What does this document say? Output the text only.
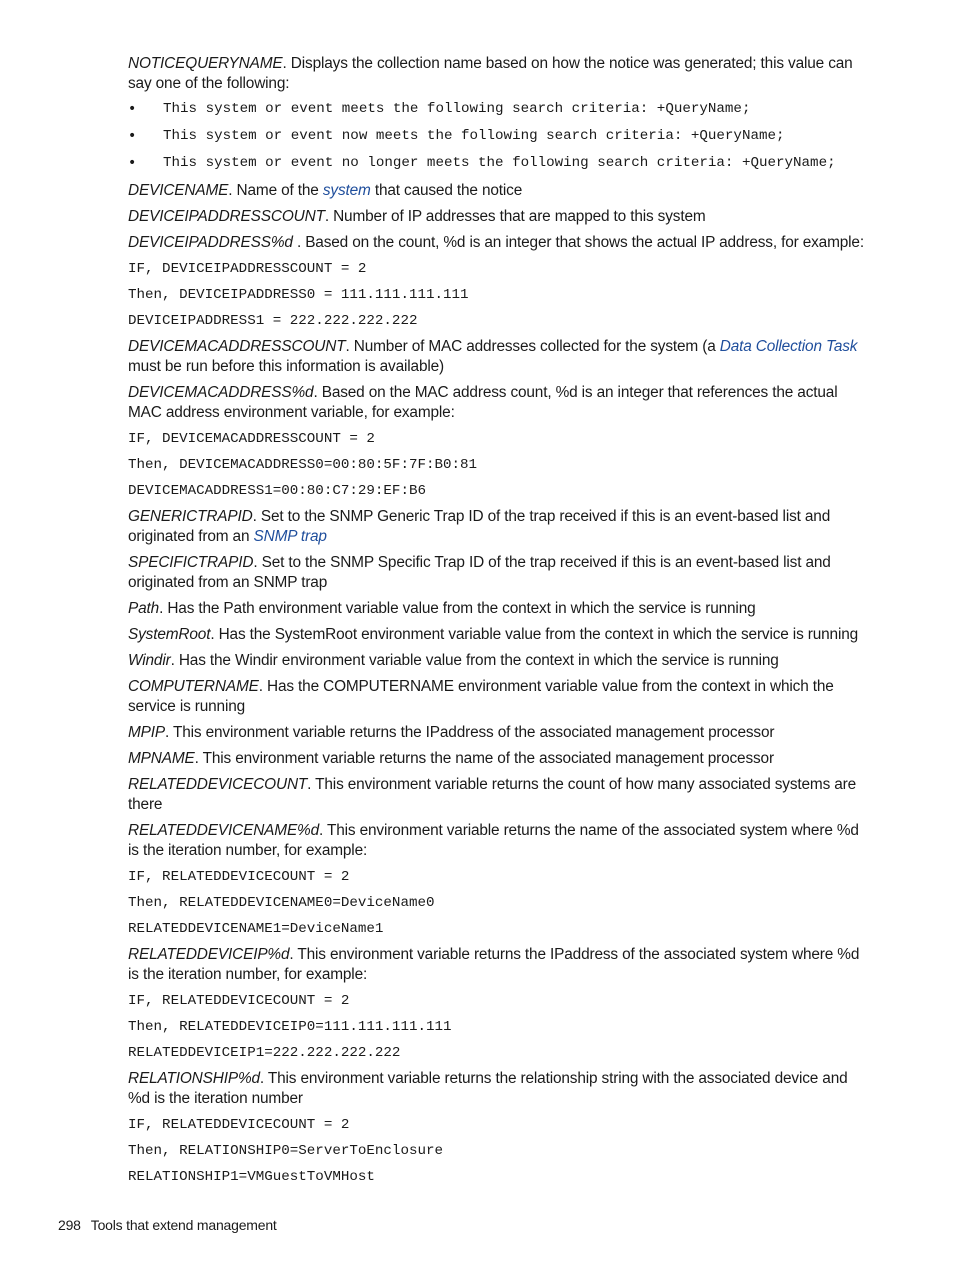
NOTICEQUERYNAME. Displays the collection name based on how the notice was generated; this value can say one of the following:

• This system or event meets the following search criteria: +QueryName;
• This system or event now meets the following search criteria: +QueryName;
• This system or event no longer meets the following search criteria: +QueryName;

DEVICENAME. Name of the system that caused the notice

DEVICEIPADDRESSCOUNT. Number of IP addresses that are mapped to this system

DEVICEIPADDRESS%d . Based on the count, %d is an integer that shows the actual IP address, for example:

IF, DEVICEIPADDRESSCOUNT = 2

Then, DEVICEIPADDRESS0 = 111.111.111.111

DEVICEIPADDRESS1 = 222.222.222.222

DEVICEMACADDRESSCOUNT. Number of MAC addresses collected for the system (a Data Collection Task must be run before this information is available)

DEVICEMACADDRESS%d. Based on the MAC address count, %d is an integer that references the actual MAC address environment variable, for example:

IF, DEVICEMACADDRESSCOUNT = 2

Then, DEVICEMACADDRESS0=00:80:5F:7F:B0:81

DEVICEMACADDRESS1=00:80:C7:29:EF:B6

GENERICTRAPID. Set to the SNMP Generic Trap ID of the trap received if this is an event-based list and originated from an SNMP trap

SPECIFICTRAPID. Set to the SNMP Specific Trap ID of the trap received if this is an event-based list and originated from an SNMP trap

Path. Has the Path environment variable value from the context in which the service is running

SystemRoot. Has the SystemRoot environment variable value from the context in which the service is running

Windir. Has the Windir environment variable value from the context in which the service is running

COMPUTERNAME. Has the COMPUTERNAME environment variable value from the context in which the service is running

MPIP. This environment variable returns the IPaddress of the associated management processor

MPNAME. This environment variable returns the name of the associated management processor

RELATEDDEVICECOUNT. This environment variable returns the count of how many associated systems are there

RELATEDDEVICENAME%d. This environment variable returns the name of the associated system where %d is the iteration number, for example:

IF, RELATEDDEVICECOUNT = 2

Then, RELATEDDEVICENAME0=DeviceName0

RELATEDDEVICENAME1=DeviceName1

RELATEDDEVICEIP%d. This environment variable returns the IPaddress of the associated system where %d is the iteration number, for example:

IF, RELATEDDEVICECOUNT = 2

Then, RELATEDDEVICEIP0=111.111.111.111

RELATEDDEVICEIP1=222.222.222.222

RELATIONSHIP%d. This environment variable returns the relationship string with the associated device and %d is the iteration number

IF, RELATEDDEVICECOUNT = 2

Then, RELATIONSHIP0=ServerToEnclosure

RELATIONSHIP1=VMGuestToVMHost

298 Tools that extend management
